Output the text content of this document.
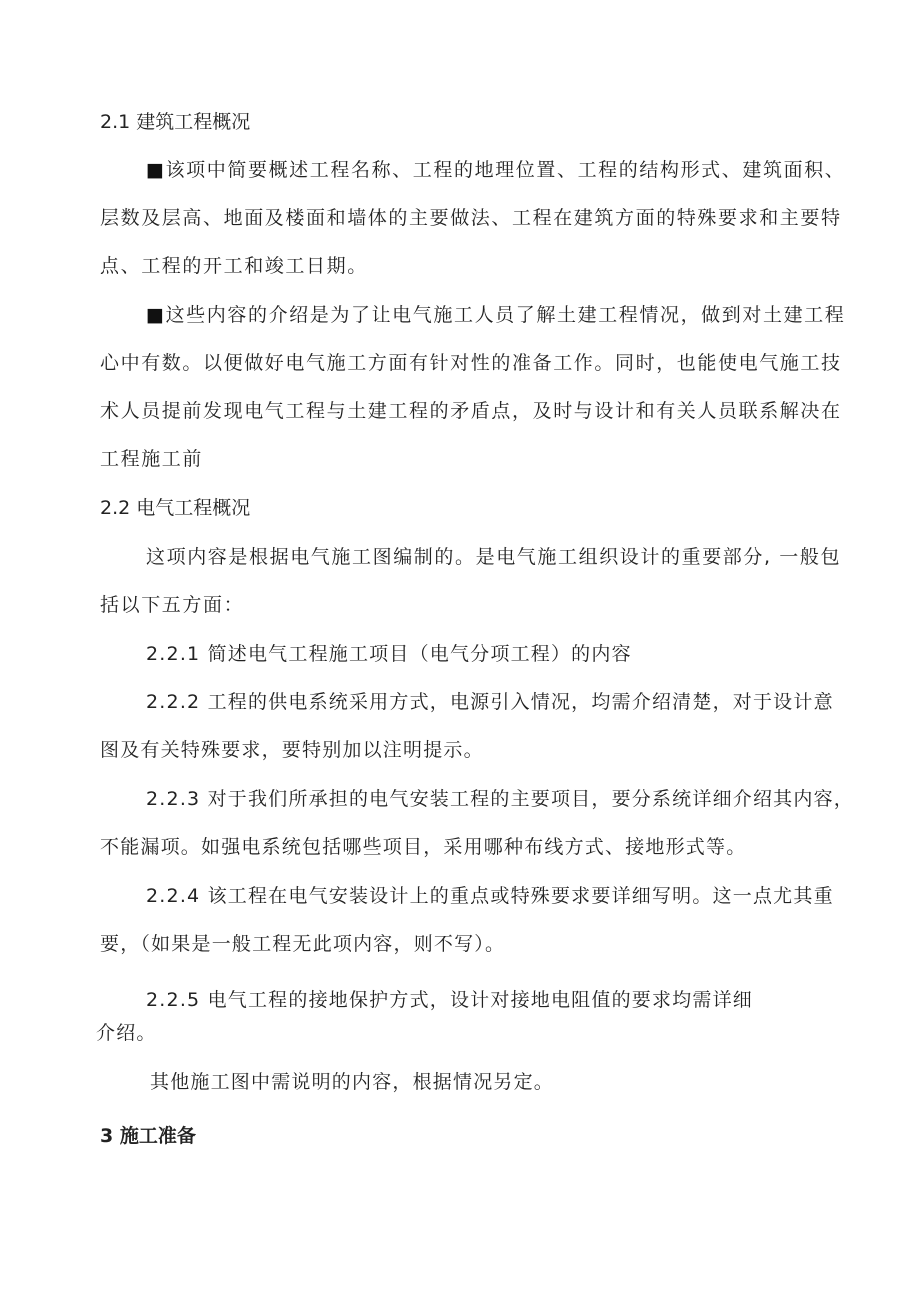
2.1 建筑工程概况
■该项中简要概述工程名称、工程的地理位置、工程的结构形式、建筑面积、
层数及层高、地面及楼面和墙体的主要做法、工程在建筑方面的特殊要求和主要特
点、工程的开工和竣工日期。
■这些内容的介绍是为了让电气施工人员了解土建工程情况，做到对土建工程
心中有数。以便做好电气施工方面有针对性的准备工作。同时，也能使电气施工技
术人员提前发现电气工程与土建工程的矛盾点，及时与设计和有关人员联系解决在
工程施工前
2.2 电气工程概况
这项内容是根据电气施工图编制的。是电气施工组织设计的重要部分, 一般包
括以下五方面：
2.2.1 简述电气工程施工项目（电气分项工程）的内容
2.2.2 工程的供电系统采用方式，电源引入情况，均需介绍清楚，对于设计意
图及有关特殊要求，要特别加以注明提示。
2.2.3 对于我们所承担的电气安装工程的主要项目，要分系统详细介绍其内容，
不能漏项。如强电系统包括哪些项目，采用哪种布线方式、接地形式等。
2.2.4 该工程在电气安装设计上的重点或特殊要求要详细写明。这一点尤其重
要，（如果是一般工程无此项内容，则不写）。
2.2.5 电气工程的接地保护方式，设计对接地电阻值的要求均需详细
介绍。
其他施工图中需说明的内容，根据情况另定。
3 施工准备
